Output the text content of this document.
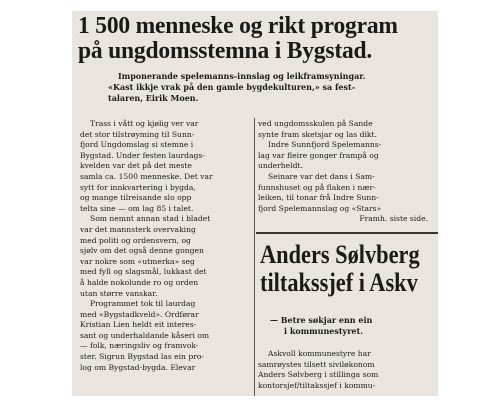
1 500 menneske og rikt program
på ungdomsstemna i Bygstad.
Imponerande spelemanns-innslag og leikframsyningar.
«Kast ikkje vrak på den gamle bygdekulturen,» sa fest-
talaren, Eirik Moen.
Trass i vått og kjølig ver var
det stor tilstrøyming til Sunn-
fjord Ungdomslag si stemne i
Bygstad. Under festen laurdags-
kvelden var det på det meste
samla ca. 1500 menneske. Det var
sytt for innkvartering i bygda,
og mange tilreisande slo opp
telta sine — om lag 85 i talet.
Som nemnt annan stad i bladet
var det mannsterk overvaking
med politi og ordensvern, og
sjølv om det også denne gongen
var nokre som «utmerka» seg
med fyll og slagsmål, lukkast det
å halde nokolunde ro og orden
utan større vanskar.
Programmet tok til laurdag
med «Bygstadkveld». Ordførar
Kristian Lien heldt eit interes-
sant og underhaldande kåseri om
— folk, næringsliv og framvok-
ster. Sigrun Bygstad las ein pro-
log om Bygstad-bygda. Elevar
ved ungdomsskulen på Sande
synte fram sketsjar og las dikt.
Indre Sunnfjord Spelemanns-
lag var fleire gonger frampå og
underheldt.
Seinare var det dans i Sam-
funnshuset og på flaken i nær-
leiken, til tonar frå Indre Sunn-
fjord Spelemannslag og «Stars»
Framh. siste side.
Anders Sølvberg
tiltakssjef i Askv
— Betre søkjar enn ein
i kommunestyret.
Askvoll kommunestyre har
samrøystes tilsett siviløkonom
Anders Sølvberg i stillinga som
kontorsjef/tiltakssjef i kommu-
